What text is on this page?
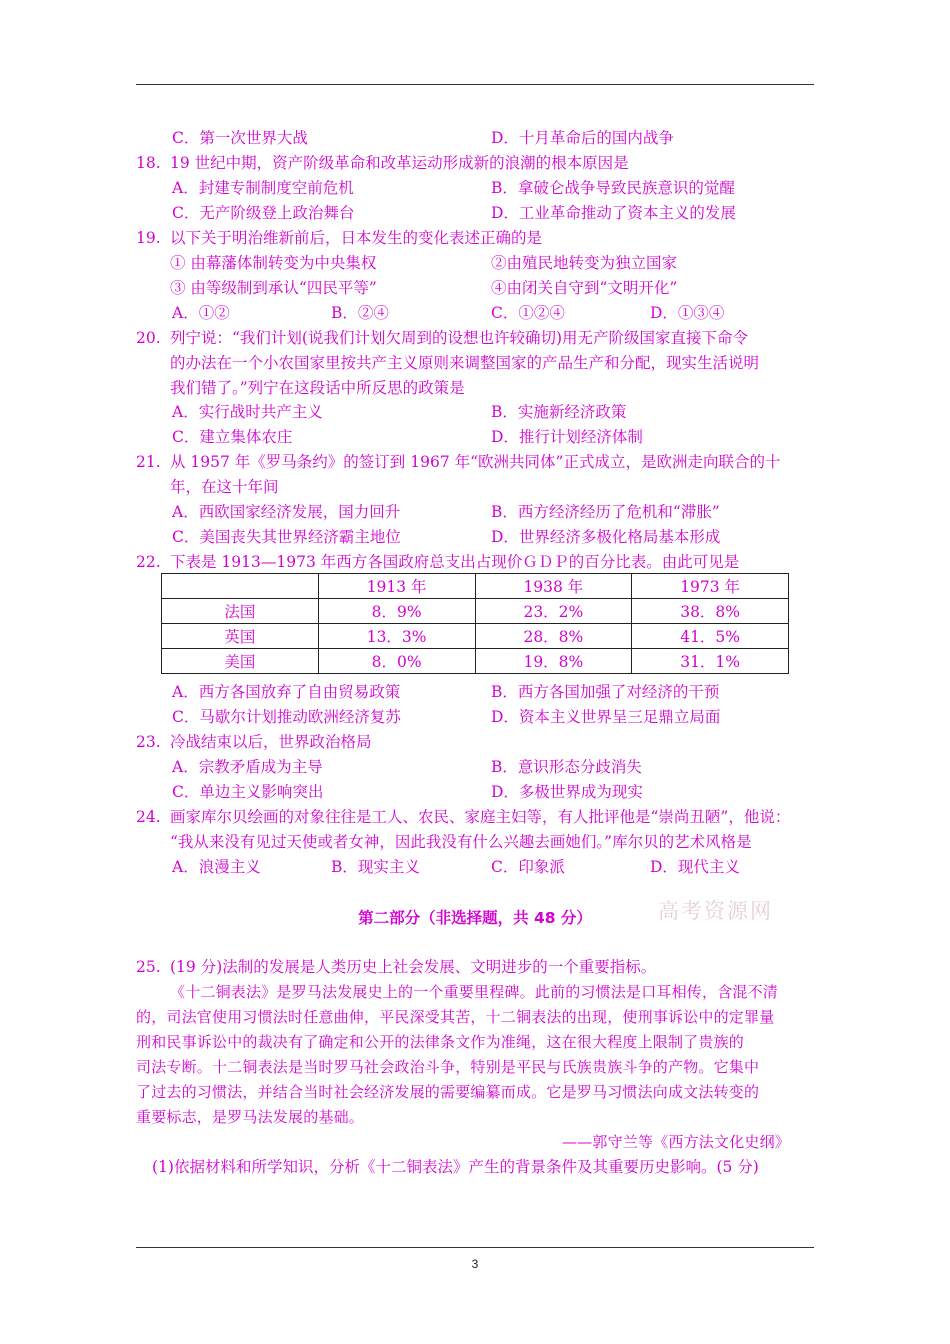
C．第一次世界大战	D．十月革命后的国内战争
18. 19 世纪中期，资产阶级革命和改革运动形成新的浪潮的根本原因是
A．封建专制制度空前危机	B．拿破仑战争导致民族意识的觉醒
C．无产阶级登上政治舞台	D．工业革命推动了资本主义的发展
19. 以下关于明治维新前后，日本发生的变化表述正确的是
① 由幕藩体制转变为中央集权	②由殖民地转变为独立国家
③ 由等级制到承认“四民平等”	④由闭关自守到“文明开化”
A．①②	B．②④	C．①②④	D．①③④
20. 列宁说：“我们计划(说我们计划欠周到的设想也许较确切)用无产阶级国家直接下命令
的办法在一个小农国家里按共产主义原则来调整国家的产品生产和分配，现实生活说明
我们错了。”列宁在这段话中所反思的政策是
A．实行战时共产主义	B．实施新经济政策
C．建立集体农庄	D．推行计划经济体制
21. 从 1957 年《罗马条约》的签订到 1967 年“欧洲共同体”正式成立，是欧洲走向联合的十
年，在这十年间
A．西欧国家经济发展，国力回升	B．西方经济经历了危机和“滞胀”
C．美国丧失其世界经济霸主地位	D．世界经济多极化格局基本形成
22. 下表是 1913—1973 年西方各国政府总支出占现价ＧＤＰ的百分比表。由此可见是
	1913 年	1938 年	1973 年
法国	8．9%	23．2%	38．8%
英国	13．3%	28．8%	41．5%
美国	8．0%	19．8%	31．1%
A．西方各国放弃了自由贸易政策	B．西方各国加强了对经济的干预
C．马歇尔计划推动欧洲经济复苏	D．资本主义世界呈三足鼎立局面
23. 冷战结束以后，世界政治格局
A．宗教矛盾成为主导	B．意识形态分歧消失
C．单边主义影响突出	D．多极世界成为现实
24. 画家库尔贝绘画的对象往往是工人、农民、家庭主妇等，有人批评他是“崇尚丑陋”，他说：
“我从来没有见过天使或者女神，因此我没有什么兴趣去画她们。”库尔贝的艺术风格是
A．浪漫主义	B．现实主义	C．印象派	D．现代主义
第二部分（非选择题，共 48 分）	高考资源网
25. (19 分)法制的发展是人类历史上社会发展、文明进步的一个重要指标。
《十二铜表法》是罗马法发展史上的一个重要里程碑。此前的习惯法是口耳相传，含混不清
的，司法官使用习惯法时任意曲伸，平民深受其苦，十二铜表法的出现，使刑事诉讼中的定罪量
刑和民事诉讼中的裁决有了确定和公开的法律条文作为准绳，这在很大程度上限制了贵族的
司法专断。十二铜表法是当时罗马社会政治斗争，特别是平民与氏族贵族斗争的产物。它集中
了过去的习惯法，并结合当时社会经济发展的需要编纂而成。它是罗马习惯法向成文法转变的
重要标志，是罗马法发展的基础。
——郭守兰等《西方法文化史纲》
(1)依据材料和所学知识，分析《十二铜表法》产生的背景条件及其重要历史影响。(5 分)
3
